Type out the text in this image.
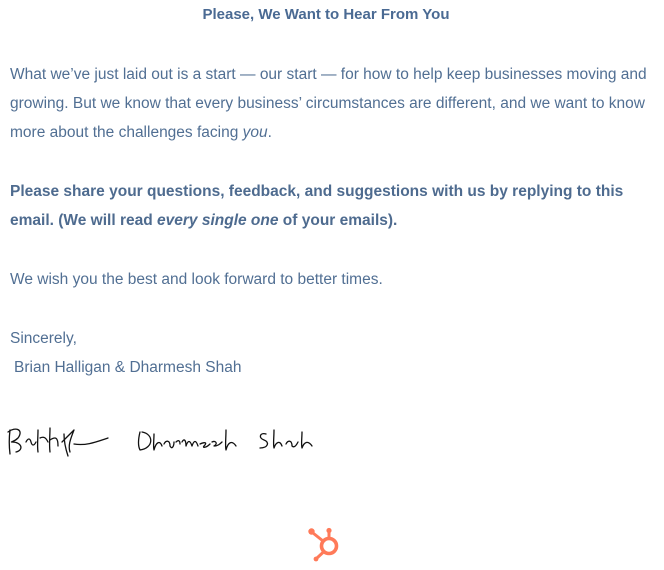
Please, We Want to Hear From You

What we’ve just laid out is a start — our start — for how to help keep businesses moving and growing. But we know that every business’ circumstances are different, and we want to know more about the challenges facing you.

Please share your questions, feedback, and suggestions with us by replying to this email. (We will read every single one of your emails).

We wish you the best and look forward to better times.

Sincerely,

Brian Halligan & Dharmesh Shah
